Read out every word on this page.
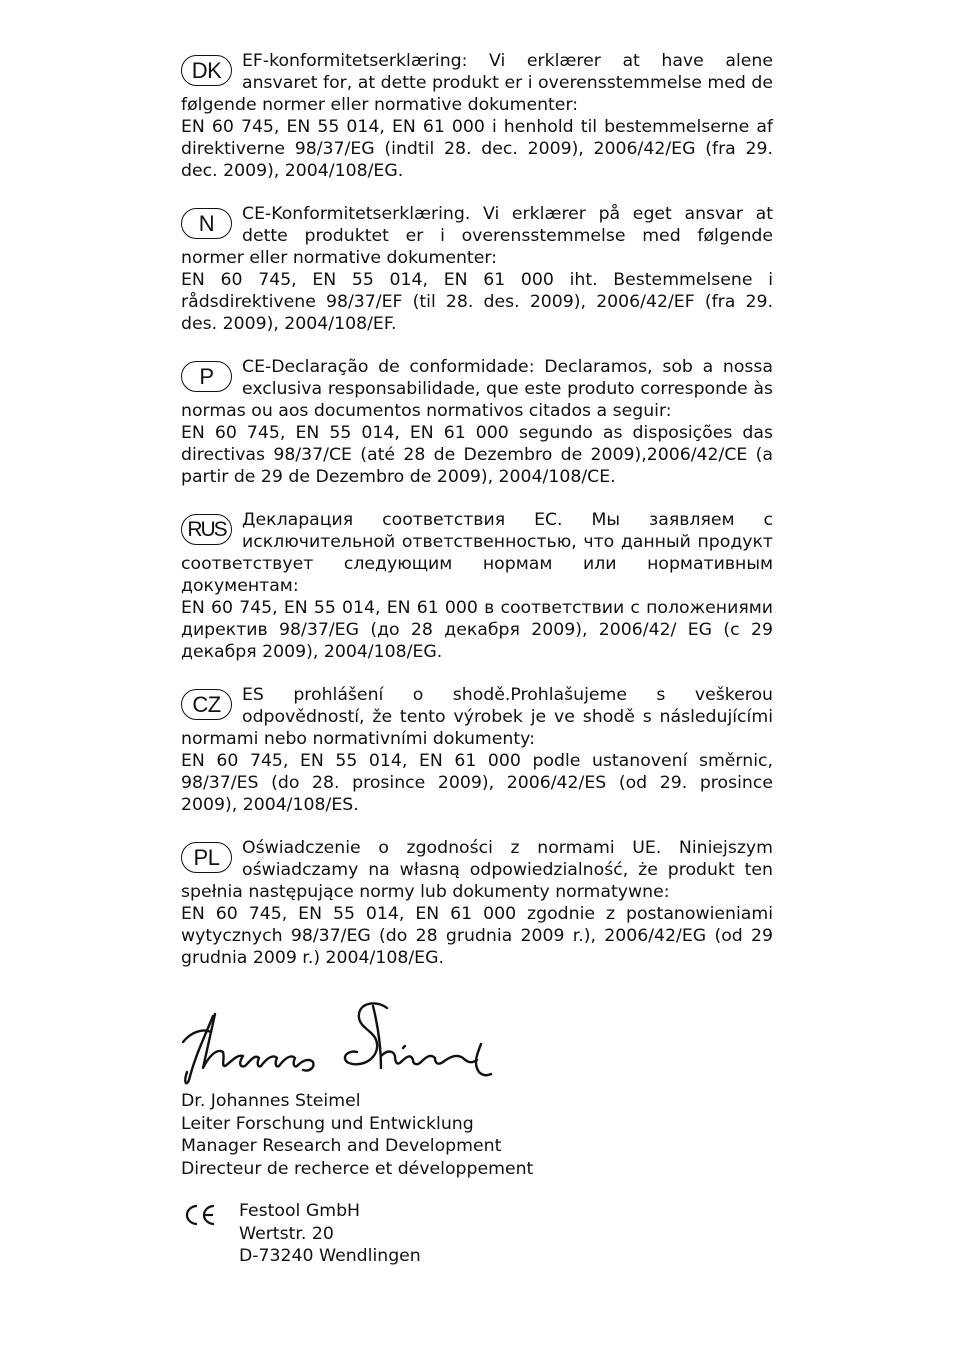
DK	EF-konformitetserklæring: Vi erklærer at have alene ansvaret for, at dette produkt er i overensstemmelse med de følgende normer eller normative dokumenter:
EN 60 745, EN 55 014, EN 61 000 i henhold til bestemmelserne af direktiverne 98/37/EG (indtil 28. dec. 2009), 2006/42/EG (fra 29. dec. 2009), 2004/108/EG.
N	CE-Konformitetserklæring. Vi erklærer på eget ansvar at dette produktet er i overensstemmelse med følgende normer eller normative dokumenter:
EN 60 745, EN 55 014, EN 61 000 iht. Bestemmelsene i rådsdirektivene 98/37/EF (til 28. des. 2009), 2006/42/EF (fra 29. des. 2009), 2004/108/EF.
P	CE-Declaração de conformidade: Declaramos, sob a nossa exclusiva responsabilidade, que este produto corresponde às normas ou aos documentos normativos citados a seguir:
EN 60 745, EN 55 014, EN 61 000 segundo as disposições das directivas 98/37/CE (até 28 de Dezembro de 2009),2006/42/CE (a partir de 29 de Dezembro de 2009), 2004/108/CE.
RUS Декларация соответствия ЕС. Мы заявляем с исключительной ответственностью, что данный продукт соответствует следующим нормам или нормативным документам:
EN 60 745, EN 55 014, EN 61 000 в соответствии с положениями директив 98/37/EG (до 28 декабря 2009), 2006/42/ EG (с 29 декабря 2009), 2004/108/EG.
CZ	ES prohlášení o shodě.Prohlašujeme s veškerou odpovědností, že tento výrobek je ve shodě s následujícími normami nebo normativními dokumenty:
EN 60 745, EN 55 014, EN 61 000 podle ustanovení směrnic, 98/37/ES (do 28. prosince 2009), 2006/42/ES (od 29. prosince 2009), 2004/108/ES.
PL	Oświadczenie o zgodności z normami UE. Niniejszym oświadczamy na własną odpowiedzialność, że produkt ten spełnia następujące normy lub dokumenty normatywne:
EN 60 745, EN 55 014, EN 61 000 zgodnie z postanowieniami wytycznych 98/37/EG (do 28 grudnia 2009 r.), 2006/42/EG (od 29 grudnia 2009 r.) 2004/108/EG.
Dr. Johannes Steimel
Leiter Forschung und Entwicklung
Manager Research and Development
Directeur de recherce et développement
Festool GmbH
Wertstr. 20
D-73240 Wendlingen
